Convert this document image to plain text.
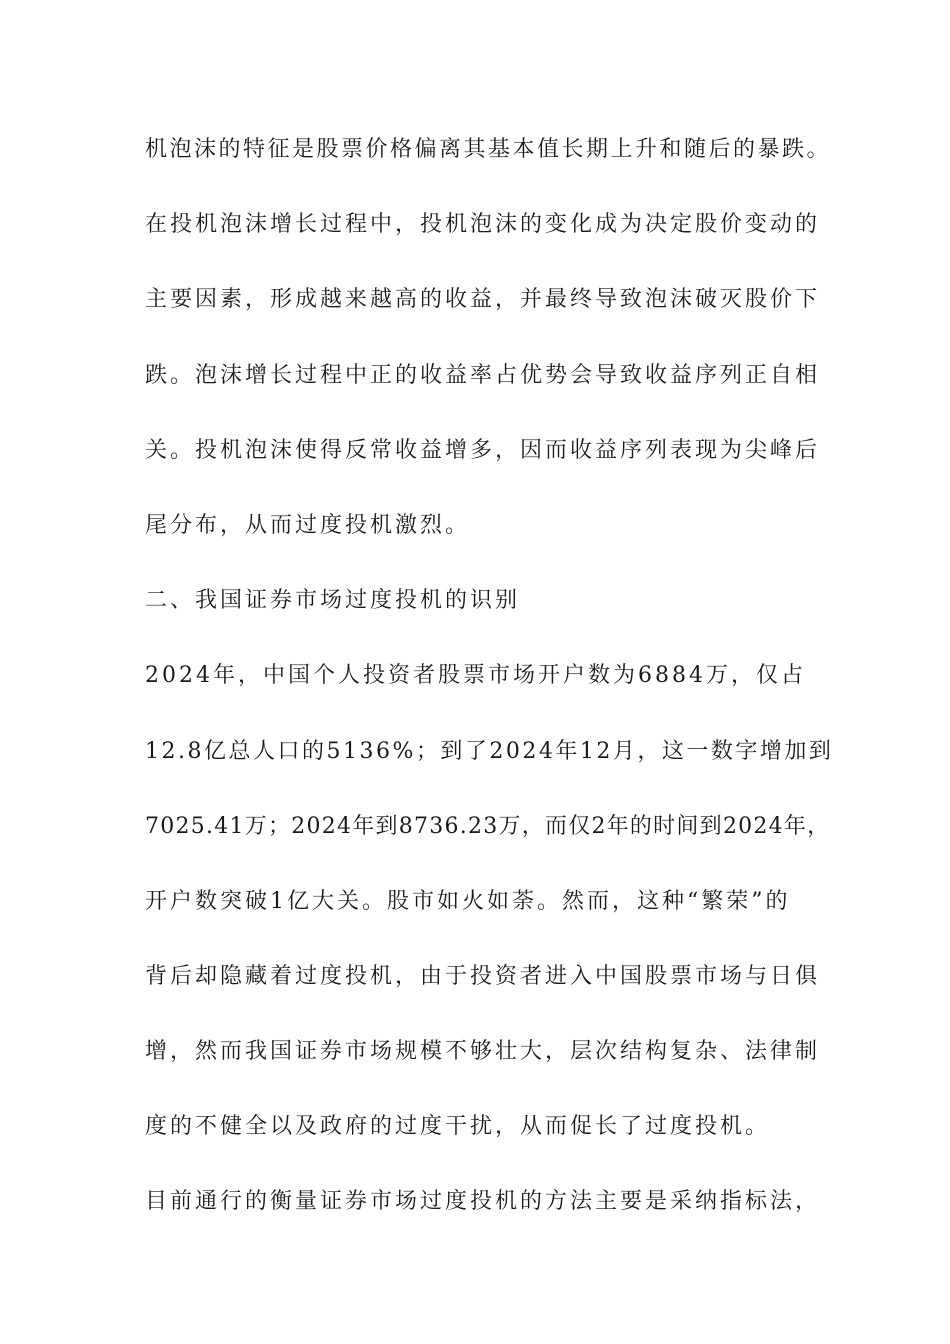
机泡沫的特征是股票价格偏离其基本值长期上升和随后的暴跌。
在投机泡沫增长过程中，投机泡沫的变化成为决定股价变动的
主要因素，形成越来越高的收益，并最终导致泡沫破灭股价下
跌。泡沫增长过程中正的收益率占优势会导致收益序列正自相
关。投机泡沫使得反常收益增多，因而收益序列表现为尖峰后
尾分布，从而过度投机激烈。
二、我国证券市场过度投机的识别
2024年，中国个人投资者股票市场开户数为6884万，仅占
12.8亿总人口的5136%；到了2024年12月，这一数字增加到
7025.41万；2024年到8736.23万，而仅2年的时间到2024年，
开户数突破1亿大关。股市如火如荼。然而，这种“繁荣”的
背后却隐藏着过度投机，由于投资者进入中国股票市场与日俱
增，然而我国证券市场规模不够壮大，层次结构复杂、法律制
度的不健全以及政府的过度干扰，从而促长了过度投机。
目前通行的衡量证券市场过度投机的方法主要是采纳指标法，
